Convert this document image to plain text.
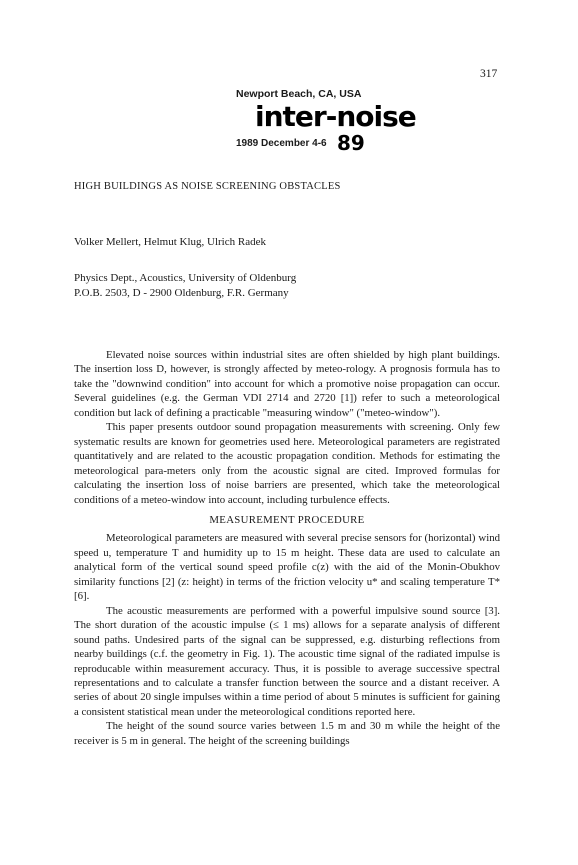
317
Newport Beach, CA, USA
inter-noise
1989 December 4-6 89
HIGH BUILDINGS AS NOISE SCREENING OBSTACLES
Volker Mellert, Helmut Klug, Ulrich Radek
Physics Dept., Acoustics, University of Oldenburg
P.O.B. 2503, D - 2900 Oldenburg, F.R. Germany

Elevated noise sources within industrial sites are often shielded by high plant buildings. The insertion loss D, however, is strongly affected by meteo-rology. A prognosis formula has to take the "downwind condition" into account for which a promotive noise propagation can occur. Several guidelines (e.g. the German VDI 2714 and 2720 [1]) refer to such a meteorological condition but lack of defining a practicable "measuring window" ("meteo-window").

This paper presents outdoor sound propagation measurements with screening. Only few systematic results are known for geometries used here. Meteorological parameters are registrated quantitatively and are related to the acoustic propagation condition. Methods for estimating the meteorological para-meters only from the acoustic signal are cited. Improved formulas for calculating the insertion loss of noise barriers are presented, which take the meteorological conditions of a meteo-window into account, including turbulence effects.

MEASUREMENT PROCEDURE

Meteorological parameters are measured with several precise sensors for (horizontal) wind speed u, temperature T and humidity up to 15 m height. These data are used to calculate an analytical form of the vertical sound speed profile c(z) with the aid of the Monin-Obukhov similarity functions [2] (z: height) in terms of the friction velocity u* and scaling temperature T* [6].

The acoustic measurements are performed with a powerful impulsive sound source [3]. The short duration of the acoustic impulse (≤ 1 ms) allows for a separate analysis of different sound paths. Undesired parts of the signal can be suppressed, e.g. disturbing reflections from nearby buildings (c.f. the geometry in Fig. 1). The acoustic time signal of the radiated impulse is reproducable within measurement accuracy. Thus, it is possible to average successive spectral representations and to calculate a transfer function between the source and a distant receiver. A series of about 20 single impulses within a time period of about 5 minutes is sufficient for gaining a consistent statistical mean under the meteorological conditions reported here.

The height of the sound source varies between 1.5 m and 30 m while the height of the receiver is 5 m in general. The height of the screening buildings
